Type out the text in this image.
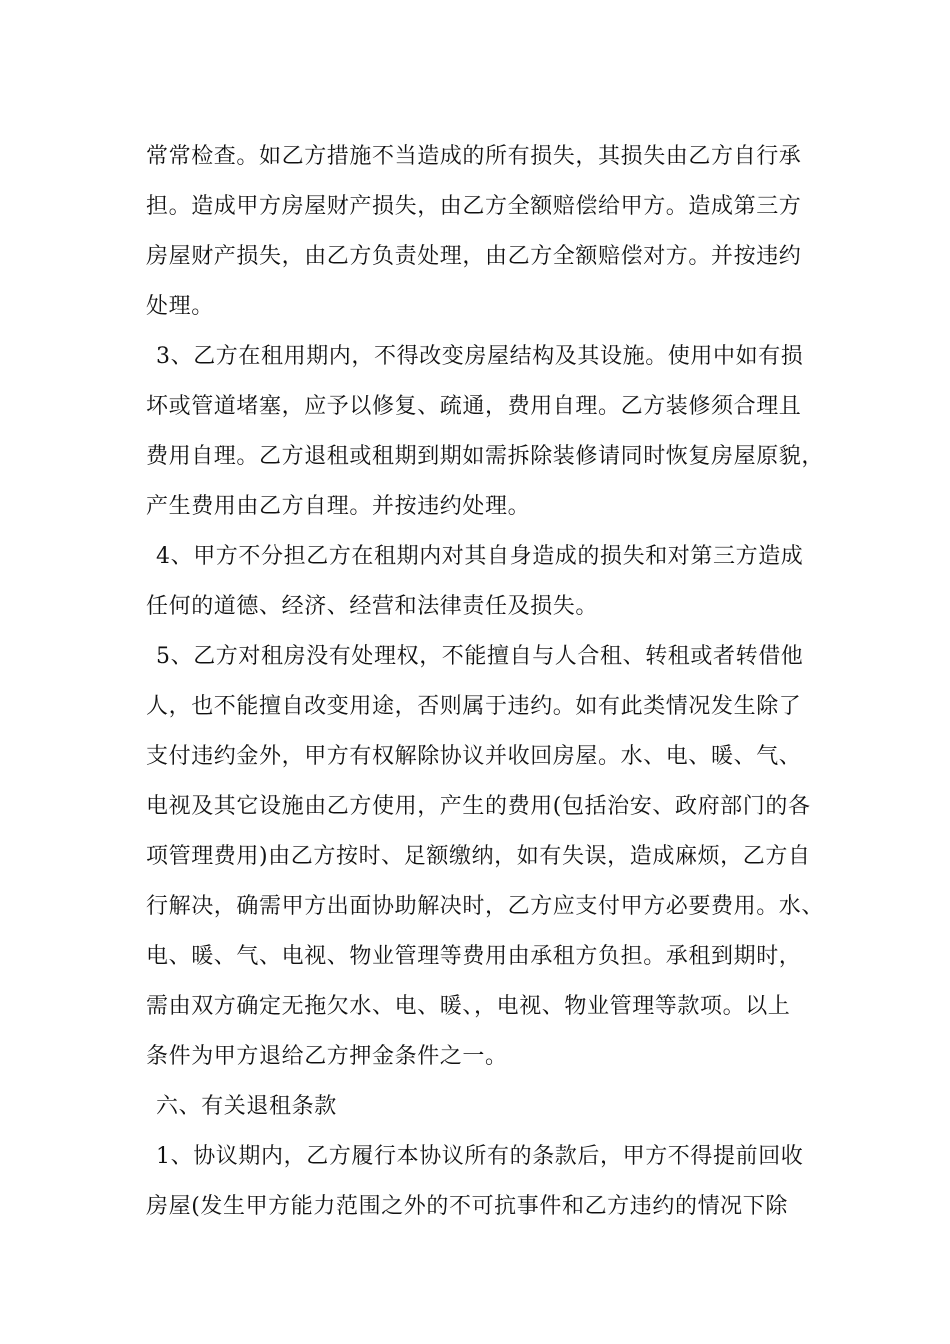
常常检查。如乙方措施不当造成的所有损失，其损失由乙方自行承
担。造成甲方房屋财产损失，由乙方全额赔偿给甲方。造成第三方
房屋财产损失，由乙方负责处理，由乙方全额赔偿对方。并按违约
处理。
3、乙方在租用期内，不得改变房屋结构及其设施。使用中如有损
坏或管道堵塞，应予以修复、疏通，费用自理。乙方装修须合理且
费用自理。乙方退租或租期到期如需拆除装修请同时恢复房屋原貌，
产生费用由乙方自理。并按违约处理。
4、甲方不分担乙方在租期内对其自身造成的损失和对第三方造成
任何的道德、经济、经营和法律责任及损失。
5、乙方对租房没有处理权，不能擅自与人合租、转租或者转借他
人，也不能擅自改变用途，否则属于违约。如有此类情况发生除了
支付违约金外，甲方有权解除协议并收回房屋。水、电、暖、气、
电视及其它设施由乙方使用，产生的费用(包括治安、政府部门的各
项管理费用)由乙方按时、足额缴纳，如有失误，造成麻烦，乙方自
行解决，确需甲方出面协助解决时，乙方应支付甲方必要费用。水、
电、暖、气、电视、物业管理等费用由承租方负担。承租到期时，
需由双方确定无拖欠水、电、暖、，电视、物业管理等款项。以上
条件为甲方退给乙方押金条件之一。
六、有关退租条款
1、协议期内，乙方履行本协议所有的条款后，甲方不得提前回收
房屋(发生甲方能力范围之外的不可抗事件和乙方违约的情况下除
